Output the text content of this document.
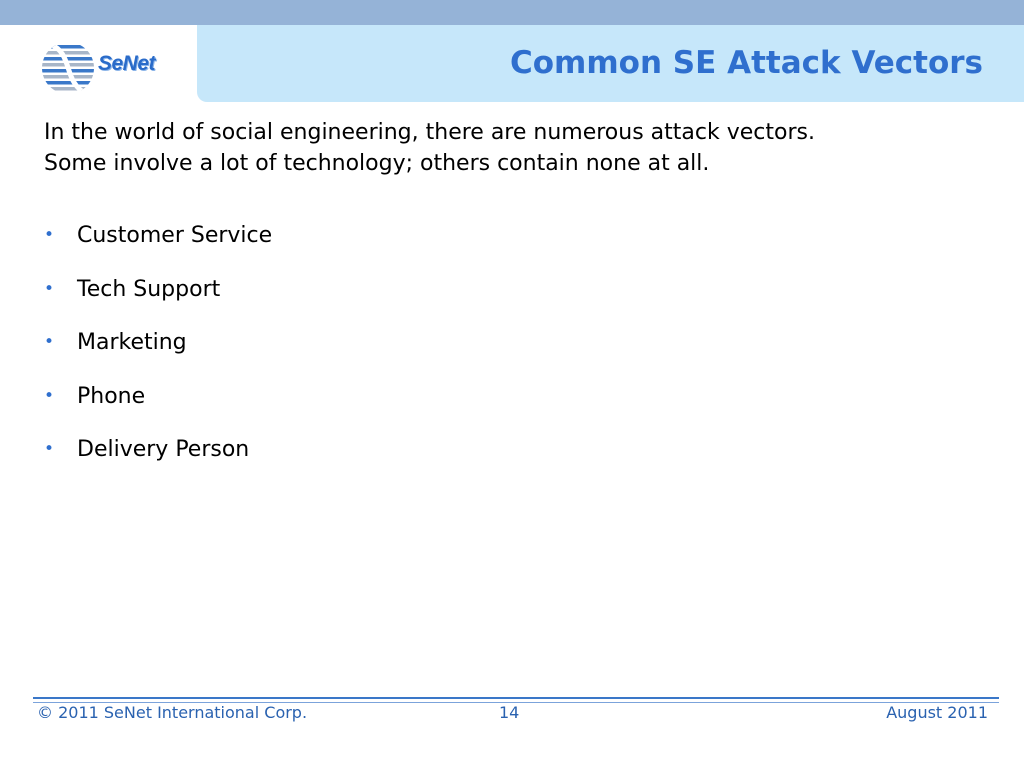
SeNet	Common SE Attack Vectors

In the world of social engineering, there are numerous attack vectors.
Some involve a lot of technology; others contain none at all.

• Customer Service
• Tech Support
• Marketing
• Phone
• Delivery Person
© 2011 SeNet International Corp.	14	August 2011
